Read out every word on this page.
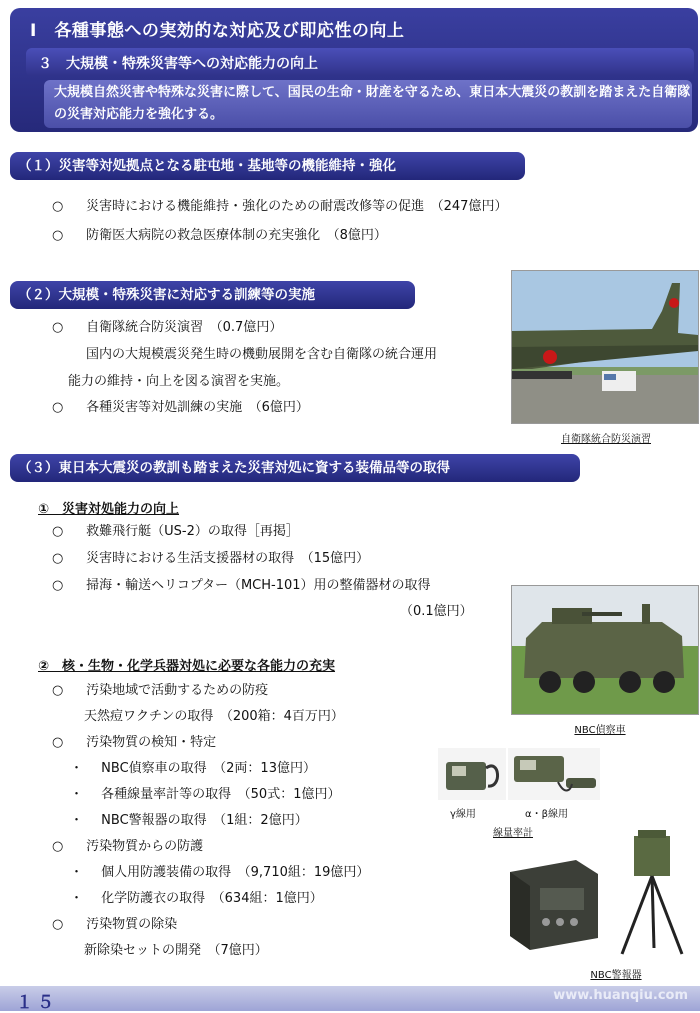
Ⅰ　各種事態への実効的な対応及び即応性の向上
３　大規模・特殊災害等への対応能力の向上
大規模自然災害や特殊な災害に際して、国民の生命・財産を守るため、東日本大震災の教訓を踏まえた自衛隊の災害対応能力を強化する。
（１）災害等対処拠点となる駐屯地・基地等の機能維持・強化
○ 災害時における機能維持・強化のための耐震改修等の促進　（247億円）
○ 防衛医大病院の救急医療体制の充実強化　（8億円）
（２）大規模・特殊災害に対応する訓練等の実施
○ 自衛隊統合防災演習　（0.7億円）
国内の大規模震災発生時の機動展開を含む自衛隊の統合運用
能力の維持・向上を図る演習を実施。
○ 各種災害等対処訓練の実施　（6億円）
自衛隊統合防災演習
（３）東日本大震災の教訓も踏まえた災害対処に資する装備品等の取得
①　災害対処能力の向上
○ 救難飛行艇（US-2）の取得［再掲］
○ 災害時における生活支援器材の取得　（15億円）
○ 掃海・輸送ヘリコプター（MCH-101）用の整備器材の取得
（0.1億円）
②　核・生物・化学兵器対処に必要な各能力の充実
○ 汚染地域で活動するための防疫
天然痘ワクチンの取得　（200箱：4百万円）
○ 汚染物質の検知・特定
・ NBC偵察車の取得　（2両：13億円）
・ 各種線量率計等の取得　（50式：1億円）
・ NBC警報器の取得　（1組：2億円）
○ 汚染物質からの防護
・ 個人用防護装備の取得　（9,710組：19億円）
・ 化学防護衣の取得　（634組：1億円）
○ 汚染物質の除染
新除染セットの開発　（7億円）
NBC偵察車
γ線用	α・β線用
線量率計
NBC警報器
１５	www.huanqiu.com
